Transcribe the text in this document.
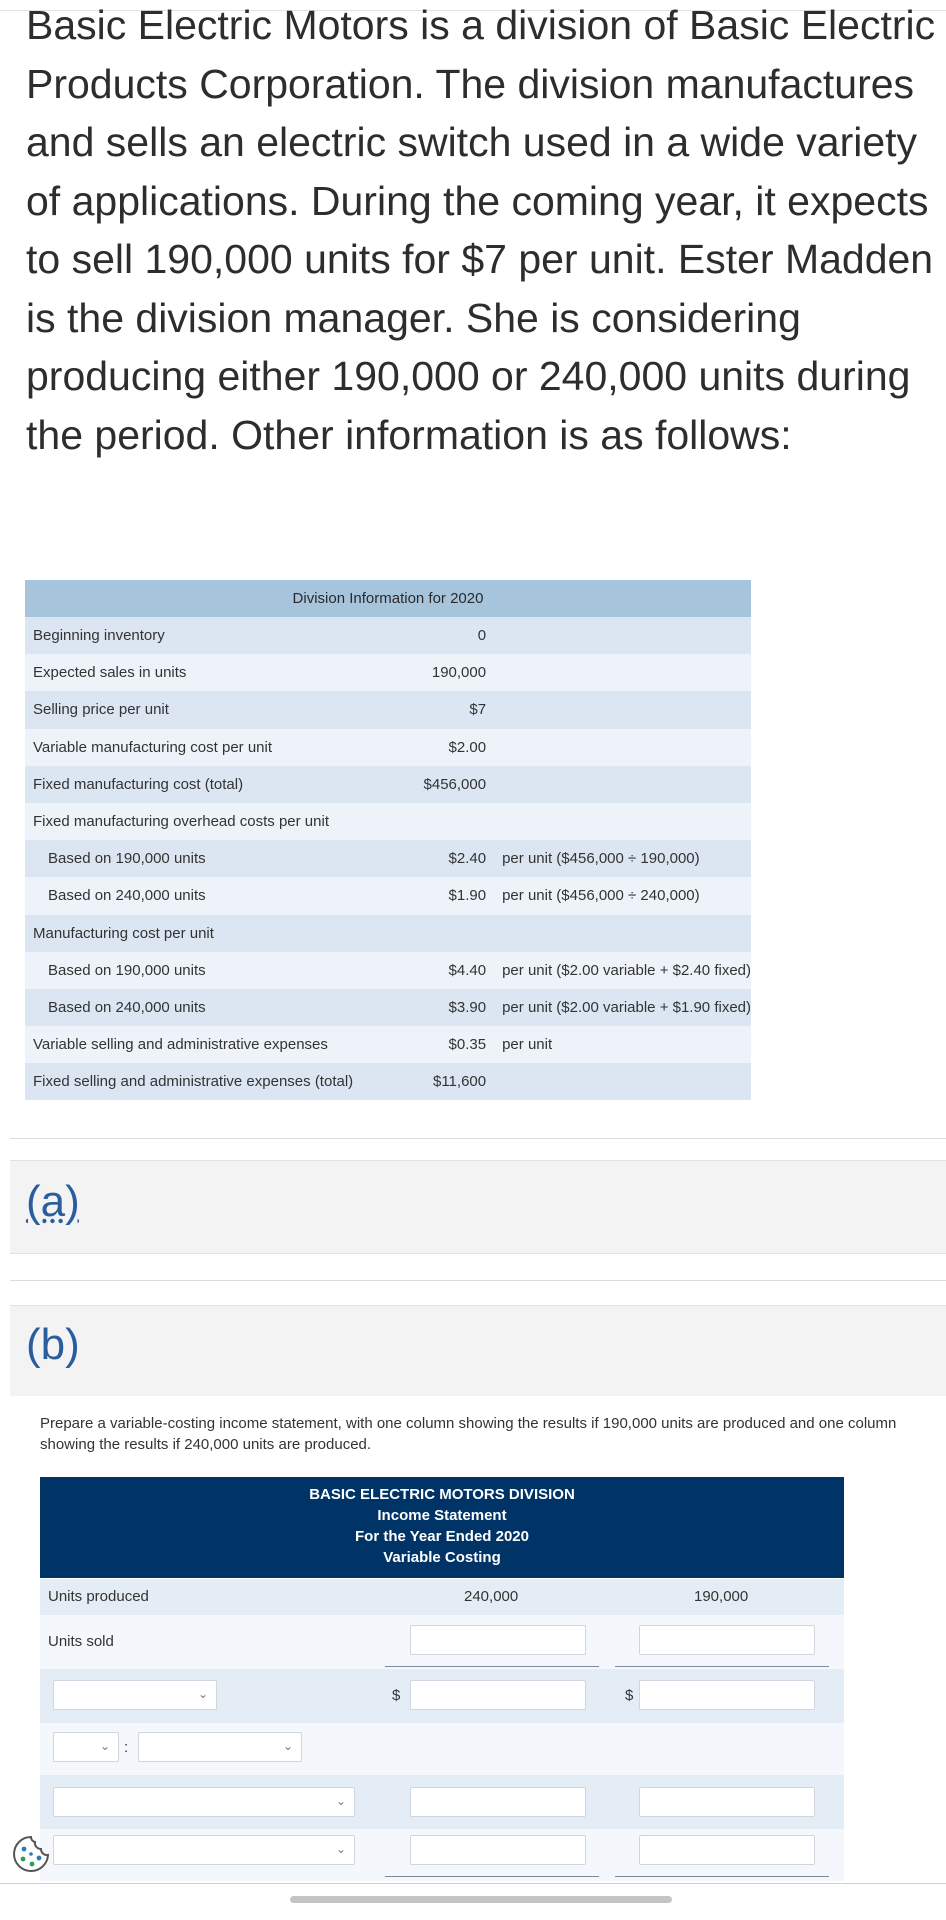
Basic Electric Motors is a division of Basic Electric Products Corporation. The division manufactures and sells an electric switch used in a wide variety of applications. During the coming year, it expects to sell 190,000 units for $7 per unit. Ester Madden is the division manager. She is considering producing either 190,000 or 240,000 units during the period. Other information is as follows:

Division Information for 2020		
Beginning inventory	0	
Expected sales in units	190,000	
Selling price per unit	$7	
Variable manufacturing cost per unit	$2.00	
Fixed manufacturing cost (total)	$456,000	
Fixed manufacturing overhead costs per unit		
Based on 190,000 units	$2.40	per unit ($456,000 ÷ 190,000)
Based on 240,000 units	$1.90	per unit ($456,000 ÷ 240,000)
Manufacturing cost per unit		
Based on 190,000 units	$4.40	per unit ($2.00 variable + $2.40 fixed)
Based on 240,000 units	$3.90	per unit ($2.00 variable + $1.90 fixed)
Variable selling and administrative expenses	$0.35	per unit
Fixed selling and administrative expenses (total)	$11,600	
(a)
(b)

Prepare a variable-costing income statement, with one column showing the results if 190,000 units are produced and one column showing the results if 240,000 units are produced.

BASIC ELECTRIC MOTORS DIVISION
Income Statement
For the Year Ended 2020
Variable Costing
Units produced	240,000	190,000
Units sold
⌄	$	$
⌄ :	⌄
⌄
⌄
